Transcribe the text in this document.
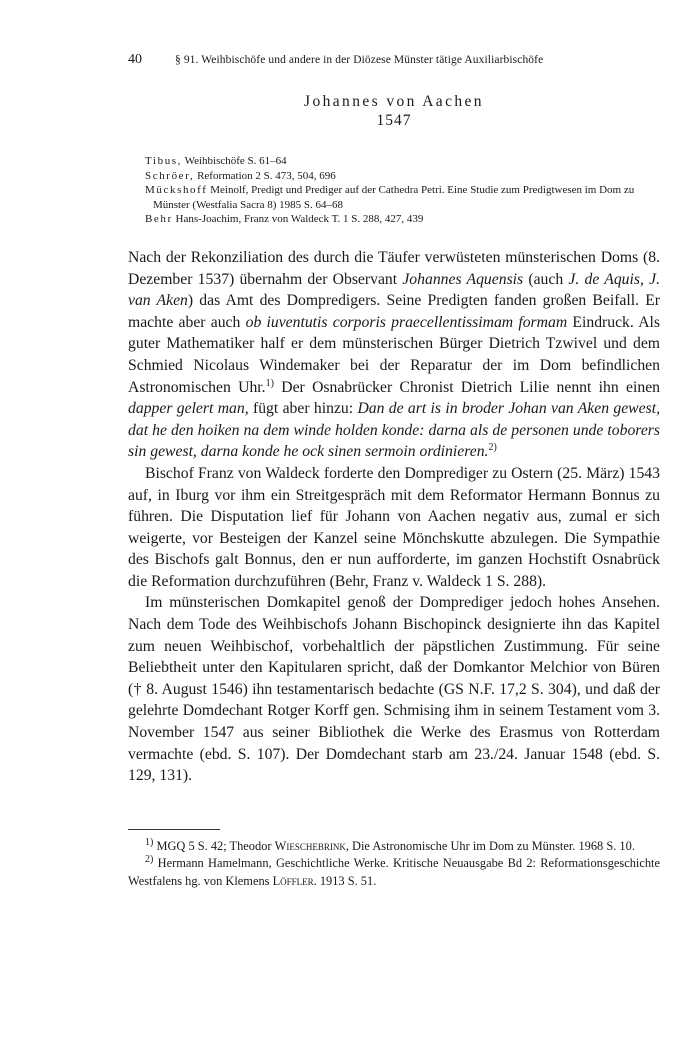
40	§ 91. Weihbischöfe und andere in der Diözese Münster tätige Auxiliarbischöfe
Johannes von Aachen
1547
Tibus, Weihbischöfe S. 61–64
Schröer, Reformation 2 S. 473, 504, 696
Mückshoff Meinolf, Predigt und Prediger auf der Cathedra Petri. Eine Studie zum Predigtwesen im Dom zu Münster (Westfalia Sacra 8) 1985 S. 64–68
Behr Hans-Joachim, Franz von Waldeck T. 1 S. 288, 427, 439

Nach der Rekonziliation des durch die Täufer verwüsteten münsterischen Doms (8. Dezember 1537) übernahm der Observant Johannes Aquensis (auch J. de Aquis, J. van Aken) das Amt des Dompredigers. Seine Predigten fanden großen Beifall. Er machte aber auch ob iuventutis corporis praecellentissimam formam Eindruck. Als guter Mathematiker half er dem münsterischen Bürger Dietrich Tzwivel und dem Schmied Nicolaus Windemaker bei der Reparatur der im Dom befindlichen Astronomischen Uhr.$^{1)}$ Der Osnabrücker Chronist Dietrich Lilie nennt ihn einen dapper gelert man, fügt aber hinzu: Dan de art is in broder Johan van Aken gewest, dat he den hoiken na dem winde holden konde: darna als de personen unde toborers sin gewest, darna konde he ock sinen sermoin ordinieren.$^{2)}$

Bischof Franz von Waldeck forderte den Domprediger zu Ostern (25. März) 1543 auf, in Iburg vor ihm ein Streitgespräch mit dem Reformator Hermann Bonnus zu führen. Die Disputation lief für Johann von Aachen negativ aus, zumal er sich weigerte, vor Besteigen der Kanzel seine Mönchskutte abzulegen. Die Sympathie des Bischofs galt Bonnus, den er nun aufforderte, im ganzen Hochstift Osnabrück die Reformation durchzuführen (Behr, Franz v. Waldeck 1 S. 288).

Im münsterischen Domkapitel genoß der Domprediger jedoch hohes Ansehen. Nach dem Tode des Weihbischofs Johann Bischopinck designierte ihn das Kapitel zum neuen Weihbischof, vorbehaltlich der päpstlichen Zustimmung. Für seine Beliebtheit unter den Kapitularen spricht, daß der Domkantor Melchior von Büren († 8. August 1546) ihn testamentarisch bedachte (GS N.F. 17,2 S. 304), und daß der gelehrte Domdechant Rotger Korff gen. Schmising ihm in seinem Testament vom 3. November 1547 aus seiner Bibliothek die Werke des Erasmus von Rotterdam vermachte (ebd. S. 107). Der Domdechant starb am 23./24. Januar 1548 (ebd. S. 129, 131).

$^{1)}$ MGQ 5 S. 42; Theodor Wieschebrink, Die Astronomische Uhr im Dom zu Münster. 1968 S. 10.

$^{2)}$ Hermann Hamelmann, Geschichtliche Werke. Kritische Neuausgabe Bd 2: Reformationsgeschichte Westfalens hg. von Klemens Löffler. 1913 S. 51.
